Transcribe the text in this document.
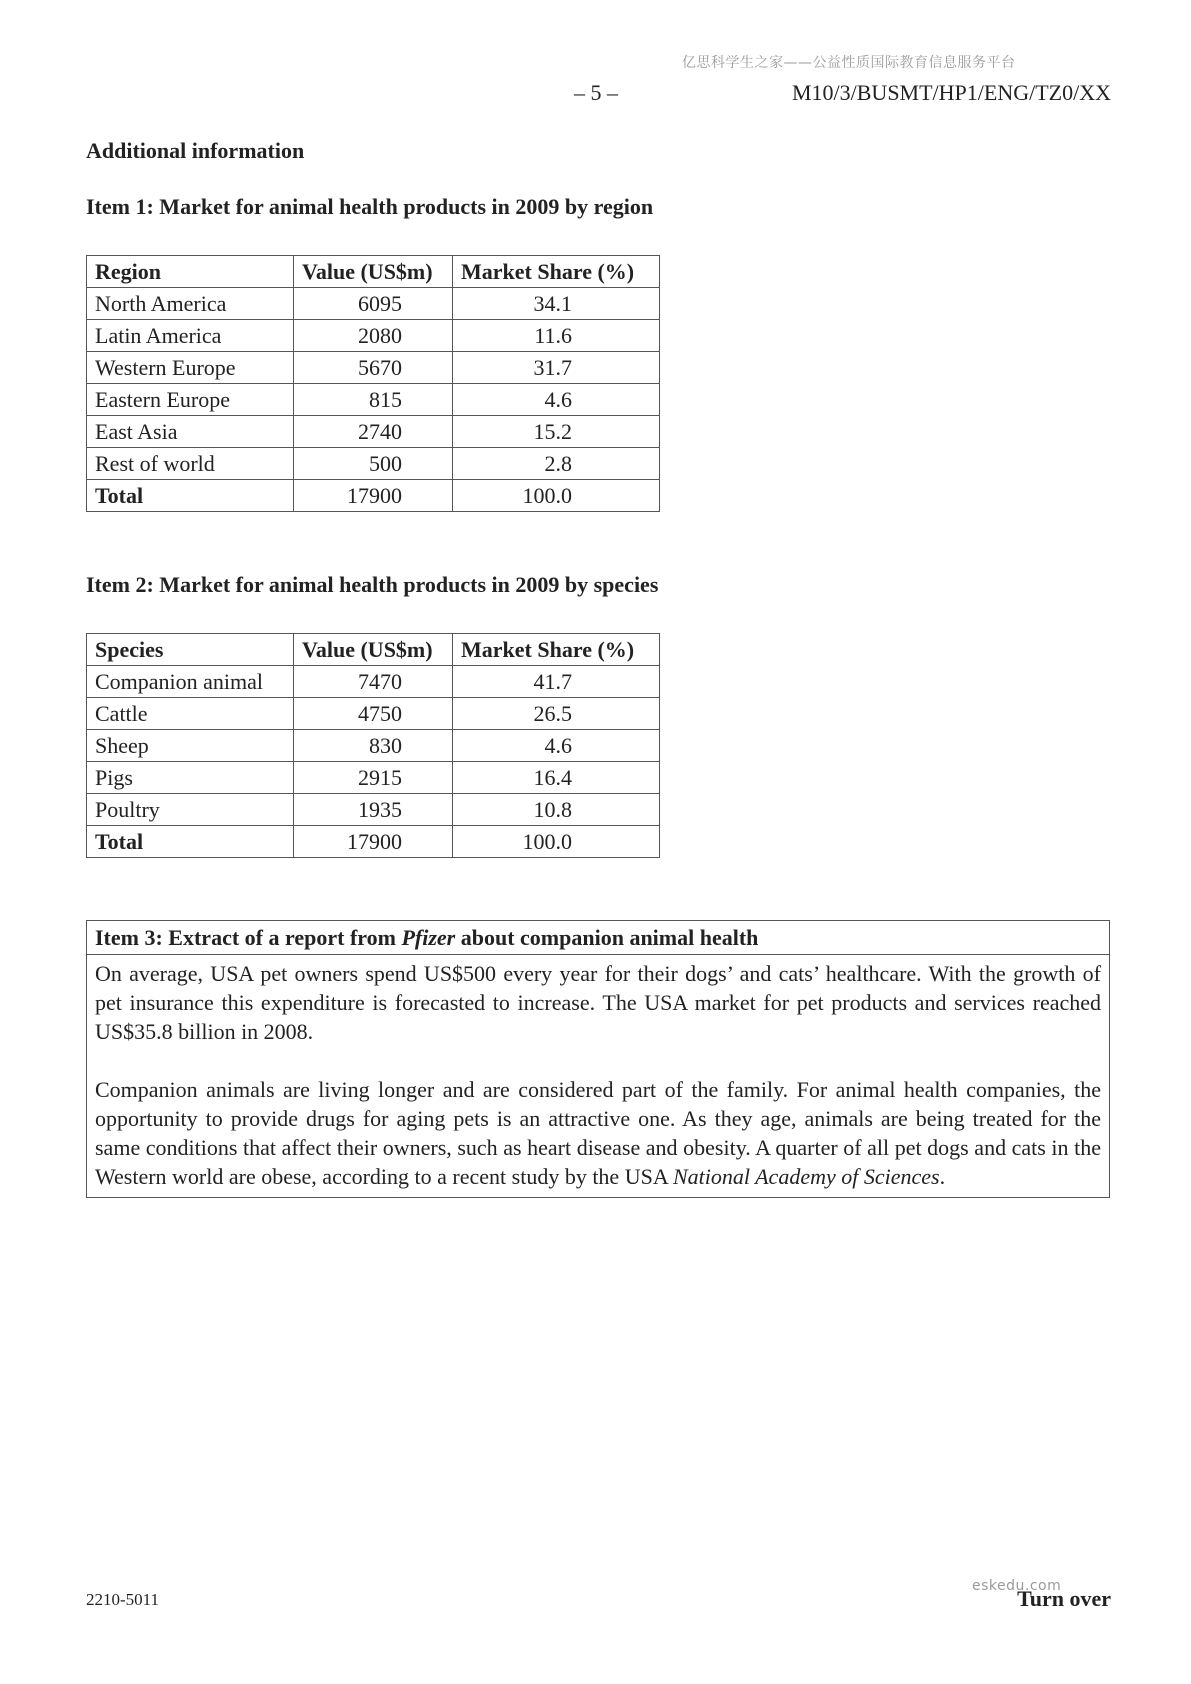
亿思科学生之家——公益性质国际教育信息服务平台
– 5 –	M10/3/BUSMT/HP1/ENG/TZ0/XX
Additional information
Item 1: Market for animal health products in 2009 by region
Region	Value (US$m)	Market Share (%)
North America	6095	34.1
Latin America	2080	11.6
Western Europe	5670	31.7
Eastern Europe	815	4.6
East Asia	2740	15.2
Rest of world	500	2.8
Total	17900	100.0
Item 2: Market for animal health products in 2009 by species
Species	Value (US$m)	Market Share (%)
Companion animal	7470	41.7
Cattle	4750	26.5
Sheep	830	4.6
Pigs	2915	16.4
Poultry	1935	10.8
Total	17900	100.0
Item 3: Extract of a report from Pfizer about companion animal health

On average, USA pet owners spend US$500 every year for their dogs’ and cats’ healthcare. With the growth of pet insurance this expenditure is forecasted to increase. The USA market for pet products and services reached US$35.8 billion in 2008.

Companion animals are living longer and are considered part of the family. For animal health companies, the opportunity to provide drugs for aging pets is an attractive one. As they age, animals are being treated for the same conditions that affect their owners, such as heart disease and obesity. A quarter of all pet dogs and cats in the Western world are obese, according to a recent study by the USA National Academy of Sciences.

2210-5011
eskedu.com
Turn over
